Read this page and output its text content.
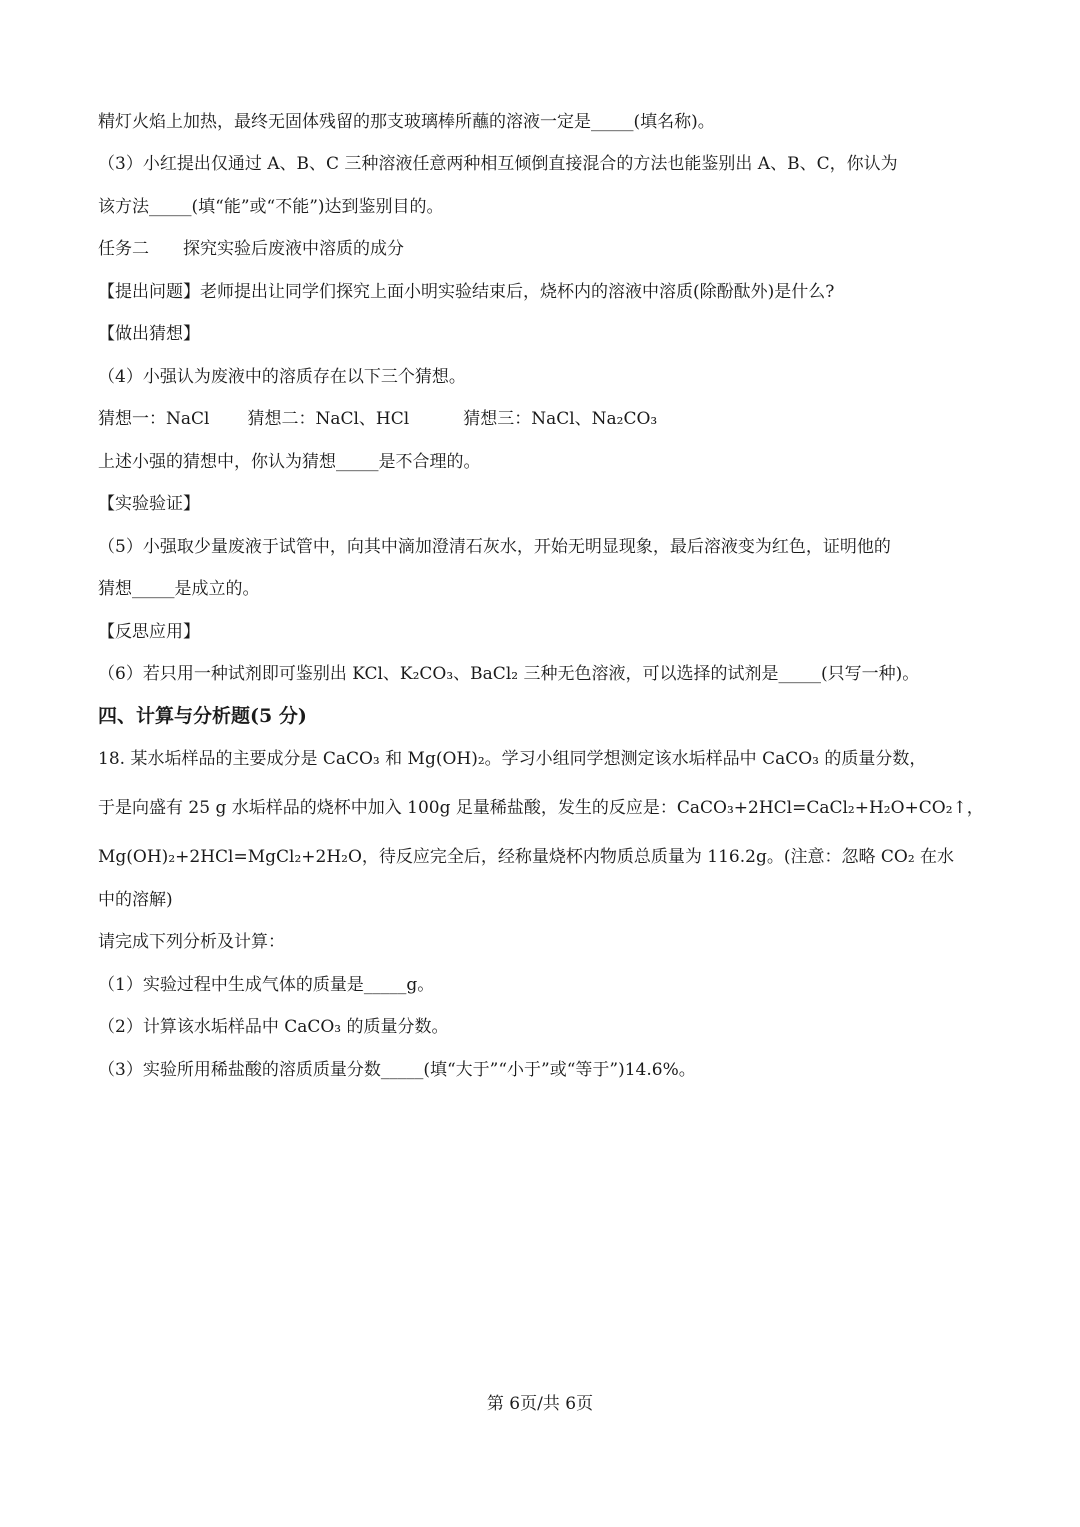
精灯火焰上加热，最终无固体残留的那支玻璃棒所蘸的溶液一定是_____(填名称)。
（3）小红提出仅通过 A、B、C 三种溶液任意两种相互倾倒直接混合的方法也能鉴别出 A、B、C，你认为
该方法_____(填“能”或“不能”)达到鉴别目的。
任务二　　探究实验后废液中溶质的成分
【提出问题】老师提出让同学们探究上面小明实验结束后，烧杯内的溶液中溶质(除酚酞外)是什么?
【做出猜想】
（4）小强认为废液中的溶质存在以下三个猜想。
猜想一：NaCl 猜想二：NaCl、HCl	猜想三：NaCl、Na₂CO₃
上述小强的猜想中，你认为猜想_____是不合理的。
【实验验证】
（5）小强取少量废液于试管中，向其中滴加澄清石灰水，开始无明显现象，最后溶液变为红色，证明他的
猜想_____是成立的。
【反思应用】
（6）若只用一种试剂即可鉴别出 KCl、K₂CO₃、BaCl₂ 三种无色溶液，可以选择的试剂是_____(只写一种)。
四、计算与分析题(5 分)
18. 某水垢样品的主要成分是 CaCO₃ 和 Mg(OH)₂。学习小组同学想测定该水垢样品中 CaCO₃ 的质量分数，
于是向盛有 25 g 水垢样品的烧杯中加入 100g 足量稀盐酸，发生的反应是：CaCO₃+2HCl=CaCl₂+H₂O+CO₂↑，
Mg(OH)₂+2HCl=MgCl₂+2H₂O，待反应完全后，经称量烧杯内物质总质量为 116.2g。(注意：忽略 CO₂ 在水
中的溶解)
请完成下列分析及计算：
（1）实验过程中生成气体的质量是_____g。
（2）计算该水垢样品中 CaCO₃ 的质量分数。
（3）实验所用稀盐酸的溶质质量分数_____(填“大于”“小于”或“等于”)14.6%。
第 6页/共 6页
